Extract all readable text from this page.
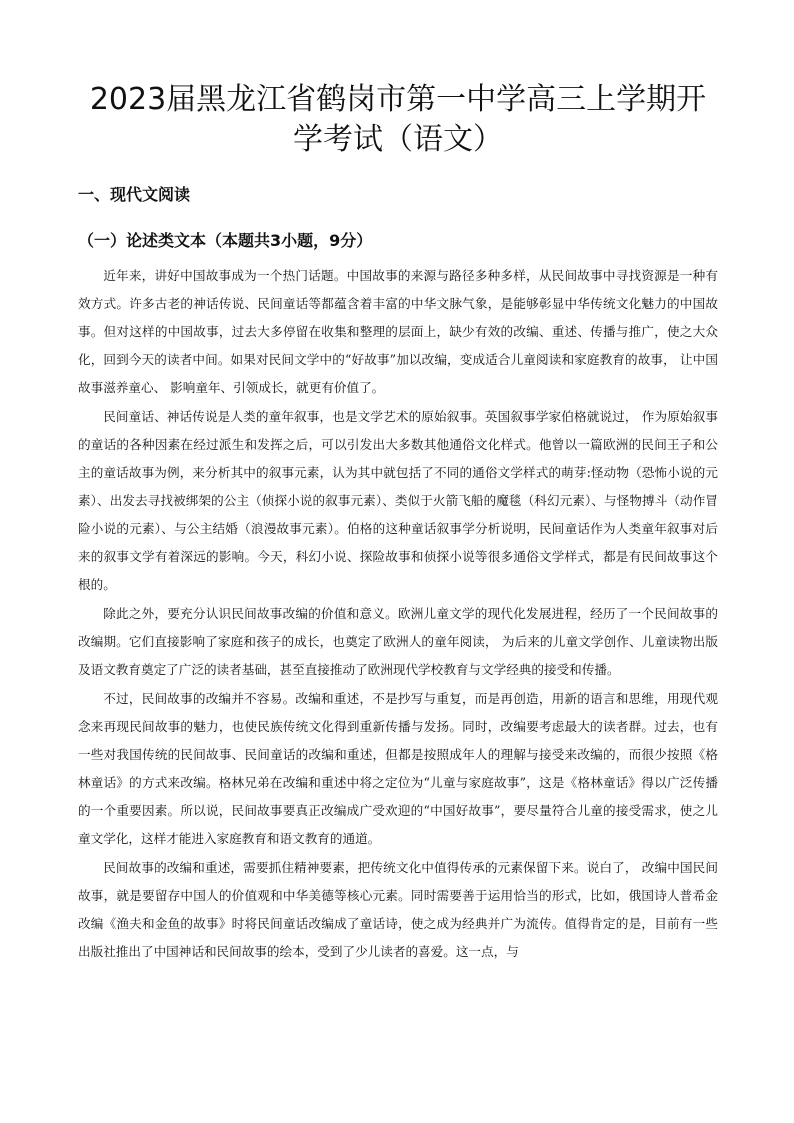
2023届黑龙江省鹤岗市第一中学高三上学期开
学考试（语文）
一、现代文阅读
（一）论述类文本（本题共3小题，9分）

近年来，讲好中国故事成为一个热门话题。中国故事的来源与路径多种多样，从民间故事中寻找资源是一种有效方式。许多古老的神话传说、民间童话等都蕴含着丰富的中华文脉气象，是能够彰显中华传统文化魅力的中国故事。但对这样的中国故事，过去大多停留在收集和整理的层面上，缺少有效的改编、重述、传播与推广，使之大众化，回到今天的读者中间。如果对民间文学中的“好故事”加以改编，变成适合儿童阅读和家庭教育的故事， 让中国故事滋养童心、 影响童年、引领成长，就更有价值了。

民间童话、神话传说是人类的童年叙事，也是文学艺术的原始叙事。英国叙事学家伯格就说过， 作为原始叙事的童话的各种因素在经过派生和发挥之后，可以引发出大多数其他通俗文化样式。他曾以一篇欧洲的民间王子和公主的童话故事为例，来分析其中的叙事元素，认为其中就包括了不同的通俗文学样式的萌芽:怪动物（恐怖小说的元素）、出发去寻找被绑架的公主（侦探小说的叙事元素）、类似于火箭飞船的魔毯（科幻元素）、与怪物搏斗（动作冒险小说的元素）、与公主结婚（浪漫故事元素）。伯格的这种童话叙事学分析说明，民间童话作为人类童年叙事对后来的叙事文学有着深远的影响。今天，科幻小说、探险故事和侦探小说等很多通俗文学样式，都是有民间故事这个根的。

除此之外，要充分认识民间故事改编的价值和意义。欧洲儿童文学的现代化发展进程，经历了一个民间故事的改编期。它们直接影响了家庭和孩子的成长，也奠定了欧洲人的童年阅读， 为后来的儿童文学创作、儿童读物出版及语文教育奠定了广泛的读者基础，甚至直接推动了欧洲现代学校教育与文学经典的接受和传播。

不过，民间故事的改编并不容易。改编和重述，不是抄写与重复，而是再创造，用新的语言和思维，用现代观念来再现民间故事的魅力，也使民族传统文化得到重新传播与发扬。同时，改编要考虑最大的读者群。过去，也有一些对我国传统的民间故事、民间童话的改编和重述，但都是按照成年人的理解与接受来改编的，而很少按照《格林童话》的方式来改编。格林兄弟在改编和重述中将之定位为“儿童与家庭故事”，这是《格林童话》得以广泛传播的一个重要因素。所以说，民间故事要真正改编成广受欢迎的“中国好故事”，要尽量符合儿童的接受需求，使之儿童文学化，这样才能进入家庭教育和语文教育的通道。

民间故事的改编和重述，需要抓住精神要素，把传统文化中值得传承的元素保留下来。说白了， 改编中国民间故事，就是要留存中国人的价值观和中华美德等核心元素。同时需要善于运用恰当的形式，比如，俄国诗人普希金改编《渔夫和金鱼的故事》时将民间童话改编成了童话诗，使之成为经典并广为流传。值得肯定的是，目前有一些出版社推出了中国神话和民间故事的绘本，受到了少儿读者的喜爱。这一点，与
